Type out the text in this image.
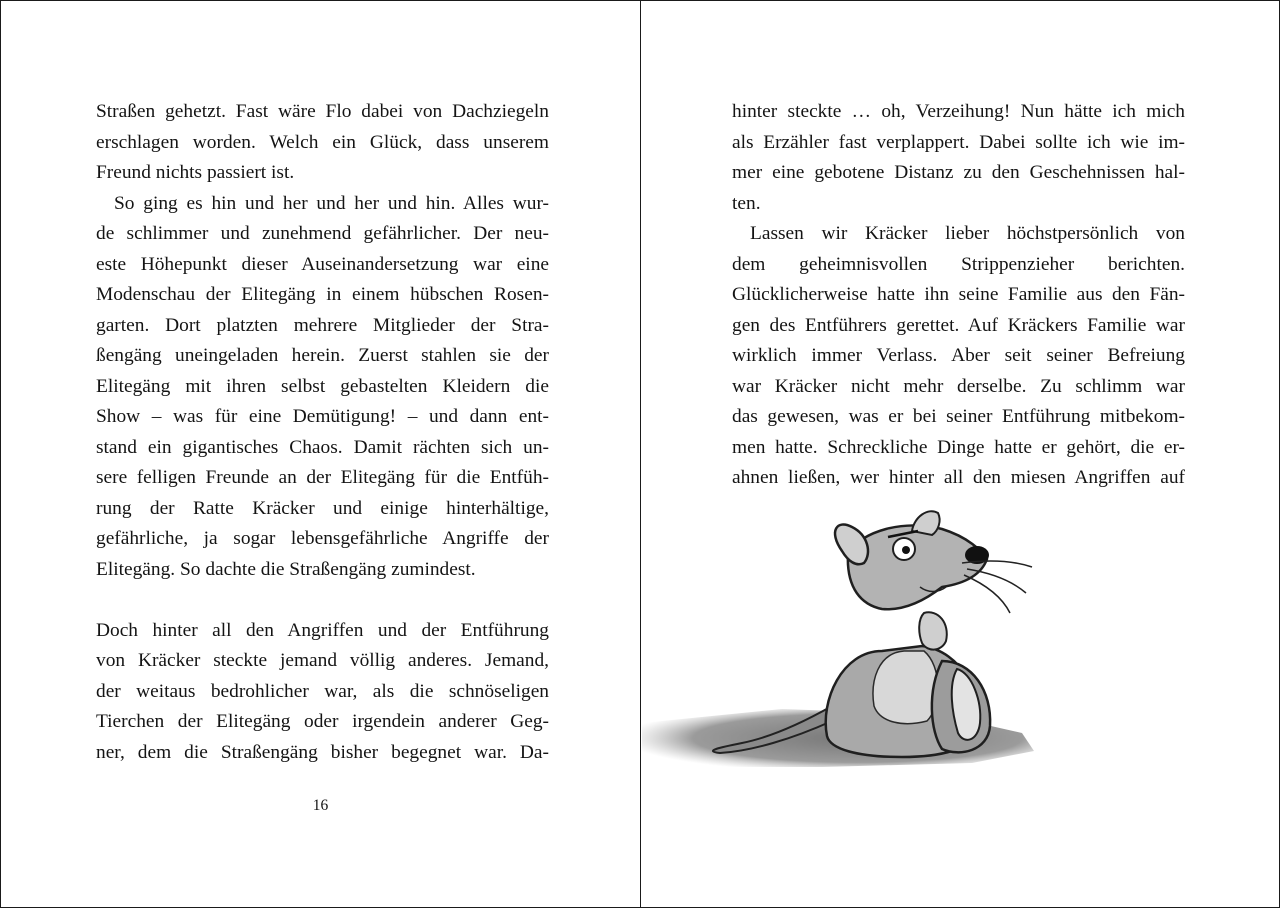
Straßen gehetzt. Fast wäre Flo dabei von Dachziegeln
erschlagen worden. Welch ein Glück, dass unserem

Freund nichts passiert ist.

So ging es hin und her und her und hin. Alles wur-

de schlimmer und zunehmend gefährlicher. Der neu-
este Höhepunkt dieser Auseinandersetzung war eine
Modenschau der Elitegäng in einem hübschen Rosen-
garten. Dort platzten mehrere Mitglieder der Stra-
ßengäng uneingeladen herein. Zuerst stahlen sie der
Elitegäng mit ihren selbst gebastelten Kleidern die
Show – was für eine Demütigung! – und dann ent-
stand ein gigantisches Chaos. Damit rächten sich un-
sere felligen Freunde an der Elitegäng für die Entfüh-
rung der Ratte Kräcker und einige hinterhältige,
gefährliche, ja sogar lebensgefährliche Angriffe der

Elitegäng. So dachte die Straßengäng zumindest.

Doch hinter all den Angriffen und der Entführung
von Kräcker steckte jemand völlig anderes. Jemand,
der weitaus bedrohlicher war, als die schnöseligen
Tierchen der Elitegäng oder irgendein anderer Geg-
ner, dem die Straßengäng bisher begegnet war. Da-

16

hinter steckte … oh, Verzeihung! Nun hätte ich mich
als Erzähler fast verplappert. Dabei sollte ich wie im-
mer eine gebotene Distanz zu den Geschehnissen hal-

ten.

Lassen wir Kräcker lieber höchstpersönlich von

dem geheimnisvollen Strippenzieher berichten.
Glücklicherweise hatte ihn seine Familie aus den Fän-
gen des Entführers gerettet. Auf Kräckers Familie war
wirklich immer Verlass. Aber seit seiner Befreiung
war Kräcker nicht mehr derselbe. Zu schlimm war
das gewesen, was er bei seiner Entführung mitbekom-
men hatte. Schreckliche Dinge hatte er gehört, die er-
ahnen ließen, wer hinter all den miesen Angriffen auf
